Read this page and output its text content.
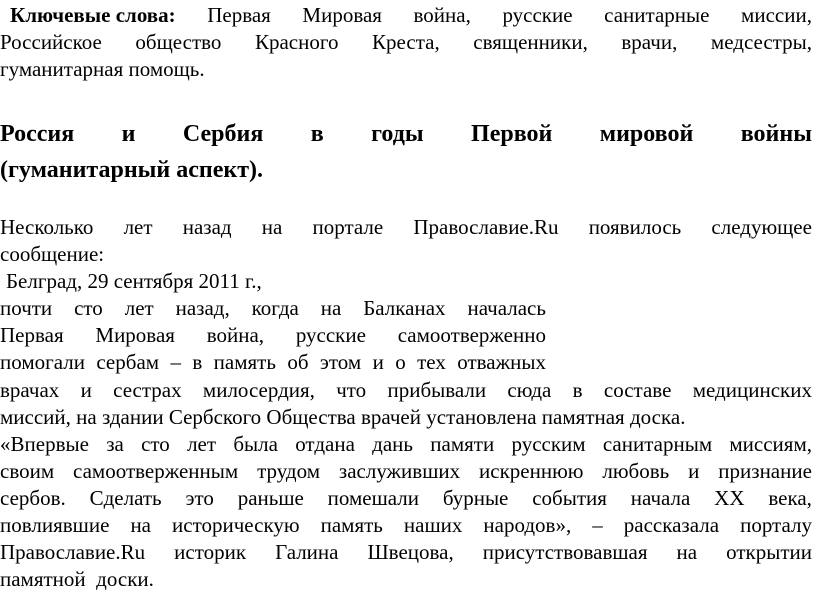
Ключевые слова: Первая Мировая война, русские санитарные миссии,
Российское общество Красного Креста, священники, врачи, медсестры,
гуманитарная помощь.
Россия и Сербия в годы Первой мировой войны
(гуманитарный аспект).
Несколько лет назад на портале Православие.Ru появилось следующее
сообщение:
Белград, 29 сентября 2011 г.,
почти сто лет назад, когда на Балканах началась
Первая Мировая война, русские самоотверженно
помогали сербам – в память об этом и о тех отважных
врачах и сестрах милосердия, что прибывали сюда в составе медицинских
миссий, на здании Сербского Общества врачей установлена памятная доска.
«Впервые за сто лет была отдана дань памяти русским санитарным миссиям,
своим самоотверженным трудом заслуживших искреннюю любовь и признание
сербов. Сделать это раньше помешали бурные события начала XX века,
повлиявшие на историческую память наших народов», – рассказала порталу
Православие.Ru историк Галина Швецова, присутствовавшая на открытии
памятной  доски.
